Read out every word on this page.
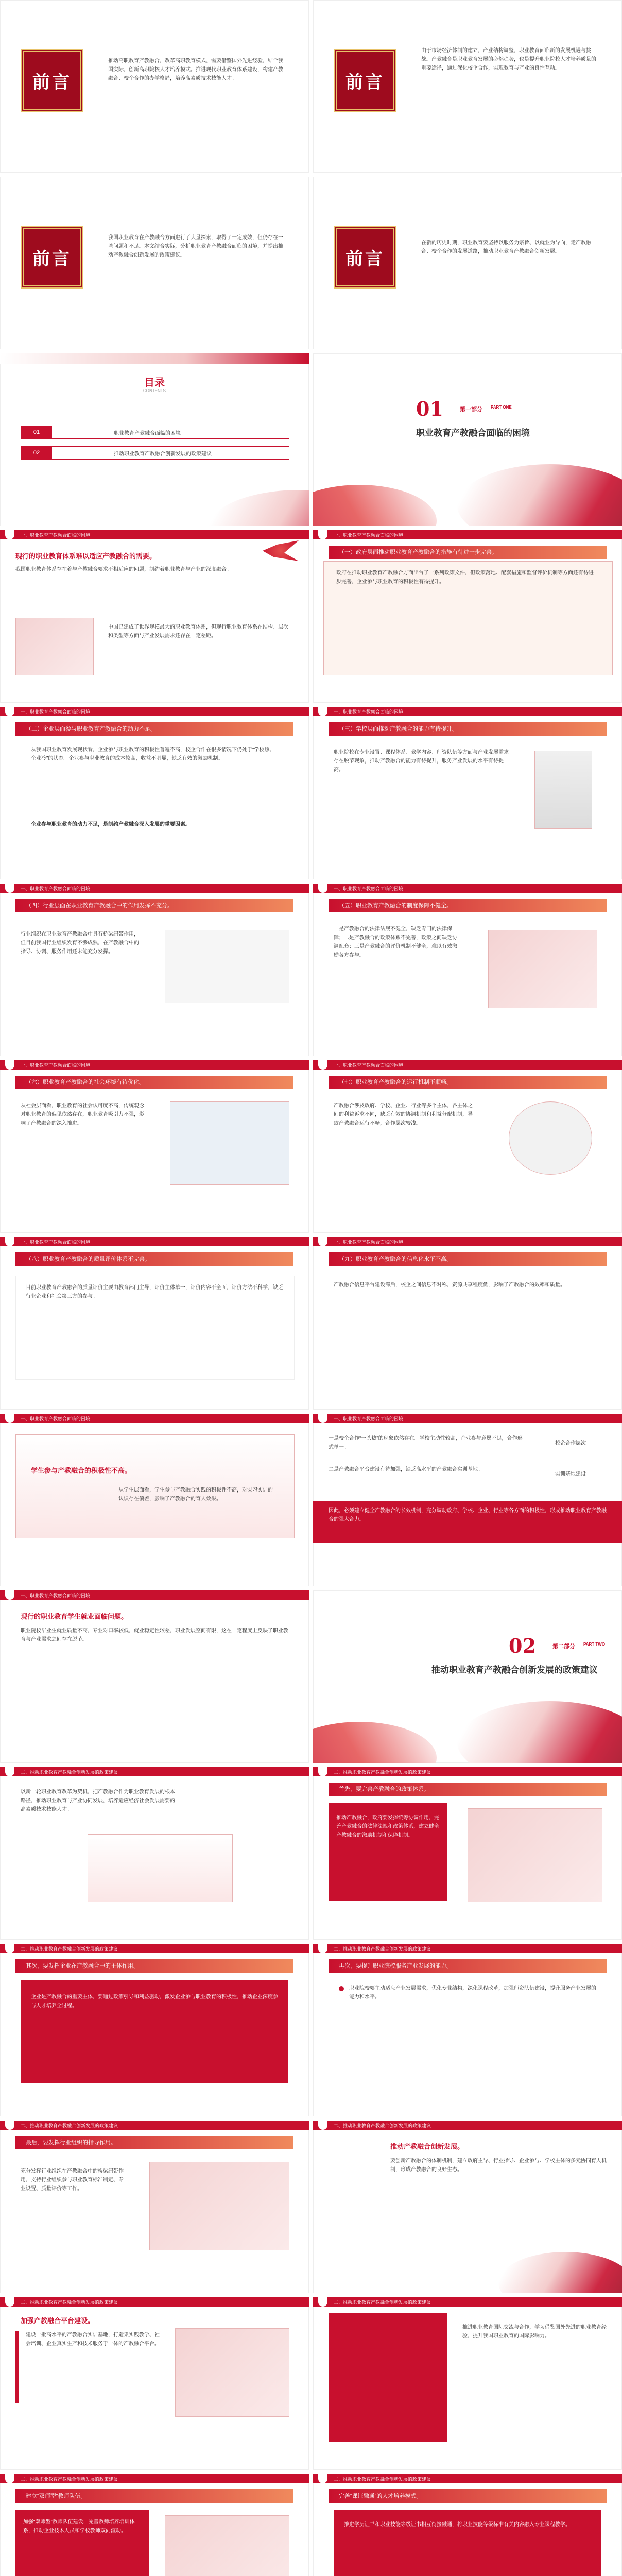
前言
推动高职教育产教融合，改革高职教育模式，需要借鉴国外先进经验，结合我国实际，创新高职院校人才培养模式。推进现代职业教育体系建设，构建产教融合、校企合作的办学格局，培养高素质技术技能人才。	前言
由于市场经济体制的建立，产业结构调整，职业教育面临新的发展机遇与挑战。产教融合是职业教育发展的必然趋势，也是提升职业院校人才培养质量的重要途径，通过深化校企合作，实现教育与产业的良性互动。
前言
我国职业教育在产教融合方面进行了大量探索，取得了一定成效，但仍存在一些问题和不足。本文结合实际，分析职业教育产教融合面临的困境，并提出推动产教融合创新发展的政策建议。	前言
在新的历史时期，职业教育要坚持以服务为宗旨、以就业为导向，走产教融合、校企合作的发展道路，推动职业教育产教融合创新发展。
目录
CONTENTS
01	职业教育产教融合面临的困境
02	推动职业教育产教融合创新发展的政策建议
01	第一部分 PART ONE
职业教育产教融合面临的困境
一、职业教育产教融合面临的困境
现行的职业教育体系难以适应产教融合的需要。
我国职业教育体系存在着与产教融合要求不相适应的问题，制约着职业教育与产业的深度融合。
中国已建成了世界规模最大的职业教育体系，但现行职业教育体系在结构、层次和类型等方面与产业发展需求还存在一定差距。
一、职业教育产教融合面临的困境
（一）政府层面推动职业教育产教融合的措施有待进一步完善。
政府在推动职业教育产教融合方面出台了一系列政策文件，但政策落地、配套措施和监督评价机制等方面还有待进一步完善，企业参与职业教育的积极性有待提升。
一、职业教育产教融合面临的困境
（二）企业层面参与职业教育产教融合的动力不足。
从我国职业教育发展现状看，企业参与职业教育的积极性普遍不高，校企合作在很多情况下仍处于“学校热、企业冷”的状态。企业参与职业教育的成本较高，收益不明显，缺乏有效的激励机制。
企业参与职业教育的动力不足，是制约产教融合深入发展的重要因素。
一、职业教育产教融合面临的困境
（三）学校层面推动产教融合的能力有待提升。
职业院校在专业设置、课程体系、教学内容、师资队伍等方面与产业发展需求存在脱节现象，推动产教融合的能力有待提升，服务产业发展的水平有待提高。
一、职业教育产教融合面临的困境
（四）行业层面在职业教育产教融合中的作用发挥不充分。
行业组织在职业教育产教融合中具有桥梁纽带作用，但目前我国行业组织发育不够成熟，在产教融合中的指导、协调、服务作用还未能充分发挥。
一、职业教育产教融合面临的困境
（五）职业教育产教融合的制度保障不健全。
一是产教融合的法律法规不健全，缺乏专门的法律保障；二是产教融合的政策体系不完善，政策之间缺乏协调配套；三是产教融合的评价机制不健全，难以有效激励各方参与。
一、职业教育产教融合面临的困境
（六）职业教育产教融合的社会环境有待优化。
从社会层面看，职业教育的社会认可度不高，传统观念对职业教育的偏见依然存在，职业教育吸引力不强，影响了产教融合的深入推进。
一、职业教育产教融合面临的困境
（七）职业教育产教融合的运行机制不顺畅。
产教融合涉及政府、学校、企业、行业等多个主体，各主体之间的利益诉求不同，缺乏有效的协调机制和利益分配机制，导致产教融合运行不畅，合作层次较浅。
一、职业教育产教融合面临的困境
（八）职业教育产教融合的质量评价体系不完善。
目前职业教育产教融合的质量评价主要由教育部门主导，评价主体单一，评价内容不全面，评价方法不科学，缺乏行业企业和社会第三方的参与。
一、职业教育产教融合面临的困境
（九）职业教育产教融合的信息化水平不高。
产教融合信息平台建设滞后，校企之间信息不对称，资源共享程度低，影响了产教融合的效率和质量。
一、职业教育产教融合面临的困境
学生参与产教融合的积极性不高。
从学生层面看，学生参与产教融合实践的积极性不高，对实习实训的认识存在偏差，影响了产教融合的育人效果。
一、职业教育产教融合面临的困境
一是校企合作“一头热”的现象依然存在。学校主动性较高，企业参与意愿不足，合作形式单一。
校企合作层次
二是产教融合平台建设有待加强，缺乏高水平的产教融合实训基地。
实训基地建设
因此，必须建立健全产教融合的长效机制，充分调动政府、学校、企业、行业等各方面的积极性，形成推动职业教育产教融合的强大合力。
一、职业教育产教融合面临的困境
现行的职业教育学生就业面临问题。
职业院校毕业生就业质量不高，专业对口率较低，就业稳定性较差，职业发展空间有限，这在一定程度上反映了职业教育与产业需求之间存在脱节。	02	第二部分 PART TWO
推动职业教育产教融合创新发展的政策建议
二、推动职业教育产教融合创新发展的政策建议
以新一轮职业教育改革为契机，把产教融合作为职业教育发展的根本路径，推动职业教育与产业协同发展，培养适应经济社会发展需要的高素质技术技能人才。
二、推动职业教育产教融合创新发展的政策建议
首先，要完善产教融合的政策体系。
推动产教融合，政府要发挥统筹协调作用，完善产教融合的法律法规和政策体系，建立健全产教融合的激励机制和保障机制。
二、推动职业教育产教融合创新发展的政策建议
其次，要发挥企业在产教融合中的主体作用。
企业是产教融合的重要主体，要通过政策引导和利益驱动，激发企业参与职业教育的积极性，推动企业深度参与人才培养全过程。
二、推动职业教育产教融合创新发展的政策建议
再次，要提升职业院校服务产业发展的能力。
职业院校要主动适应产业发展需求，优化专业结构，深化课程改革，加强师资队伍建设，提升服务产业发展的能力和水平。
二、推动职业教育产教融合创新发展的政策建议
最后，要发挥行业组织的指导作用。
充分发挥行业组织在产教融合中的桥梁纽带作用，支持行业组织参与职业教育标准制定、专业设置、质量评价等工作。
二、推动职业教育产教融合创新发展的政策建议
推动产教融合创新发展。
要创新产教融合的体制机制，建立政府主导、行业指导、企业参与、学校主体的多元协同育人机制，形成产教融合的良好生态。
二、推动职业教育产教融合创新发展的政策建议
加强产教融合平台建设。
建设一批高水平的产教融合实训基地，打造集实践教学、社会培训、企业真实生产和技术服务于一体的产教融合平台。
二、推动职业教育产教融合创新发展的政策建议
推进职业教育国际交流与合作，学习借鉴国外先进的职业教育经验，提升我国职业教育的国际影响力。
二、推动职业教育产教融合创新发展的政策建议
建立“双师型”教师队伍。
加强“双师型”教师队伍建设，完善教师培养培训体系，推动企业技术人员和学校教师双向流动。
二、推动职业教育产教融合创新发展的政策建议
完善“课证融通”的人才培养模式。
推进学历证书和职业技能等级证书相互衔接融通，将职业技能等级标准有关内容融入专业课程教学。
